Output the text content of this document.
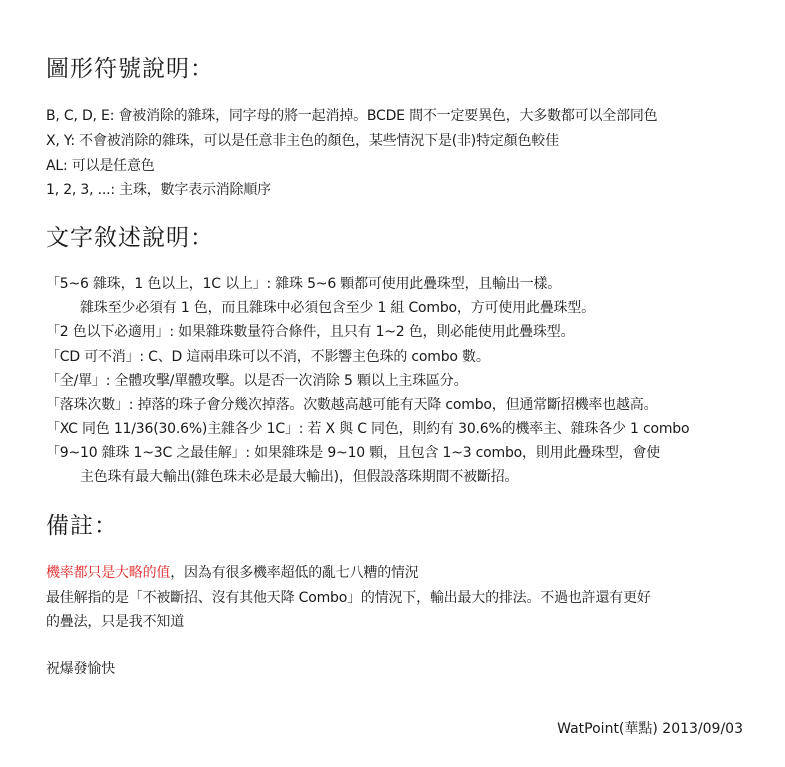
圖形符號說明：
B, C, D, E: 會被消除的雜珠，同字母的將一起消掉。BCDE 間不一定要異色，大多數都可以全部同色
X, Y: 不會被消除的雜珠，可以是任意非主色的顏色，某些情況下是(非)特定顏色較佳
AL: 可以是任意色
1, 2, 3, ...: 主珠，數字表示消除順序
文字敘述說明：
「5~6 雜珠，1 色以上，1C 以上」: 雜珠 5~6 顆都可使用此疊珠型，且輸出一樣。
雜珠至少必須有 1 色，而且雜珠中必須包含至少 1 組 Combo，方可使用此疊珠型。
「2 色以下必適用」: 如果雜珠數量符合條件，且只有 1~2 色，則必能使用此疊珠型。
「CD 可不消」: C、D 這兩串珠可以不消，不影響主色珠的 combo 數。
「全/單」: 全體攻擊/單體攻擊。以是否一次消除 5 顆以上主珠區分。
「落珠次數」: 掉落的珠子會分幾次掉落。次數越高越可能有天降 combo，但通常斷招機率也越高。
「XC 同色 11/36(30.6%)主雜各少 1C」: 若 X 與 C 同色，則約有 30.6%的機率主、雜珠各少 1 combo
「9~10 雜珠 1~3C 之最佳解」: 如果雜珠是 9~10 顆，且包含 1~3 combo，則用此疊珠型，會使
主色珠有最大輸出(雜色珠未必是最大輸出)，但假設落珠期間不被斷招。
備註：
機率都只是大略的值，因為有很多機率超低的亂七八糟的情況
最佳解指的是「不被斷招、沒有其他天降 Combo」的情況下，輸出最大的排法。不過也許還有更好
的疊法，只是我不知道
祝爆發愉快
WatPoint(華點) 2013/09/03
